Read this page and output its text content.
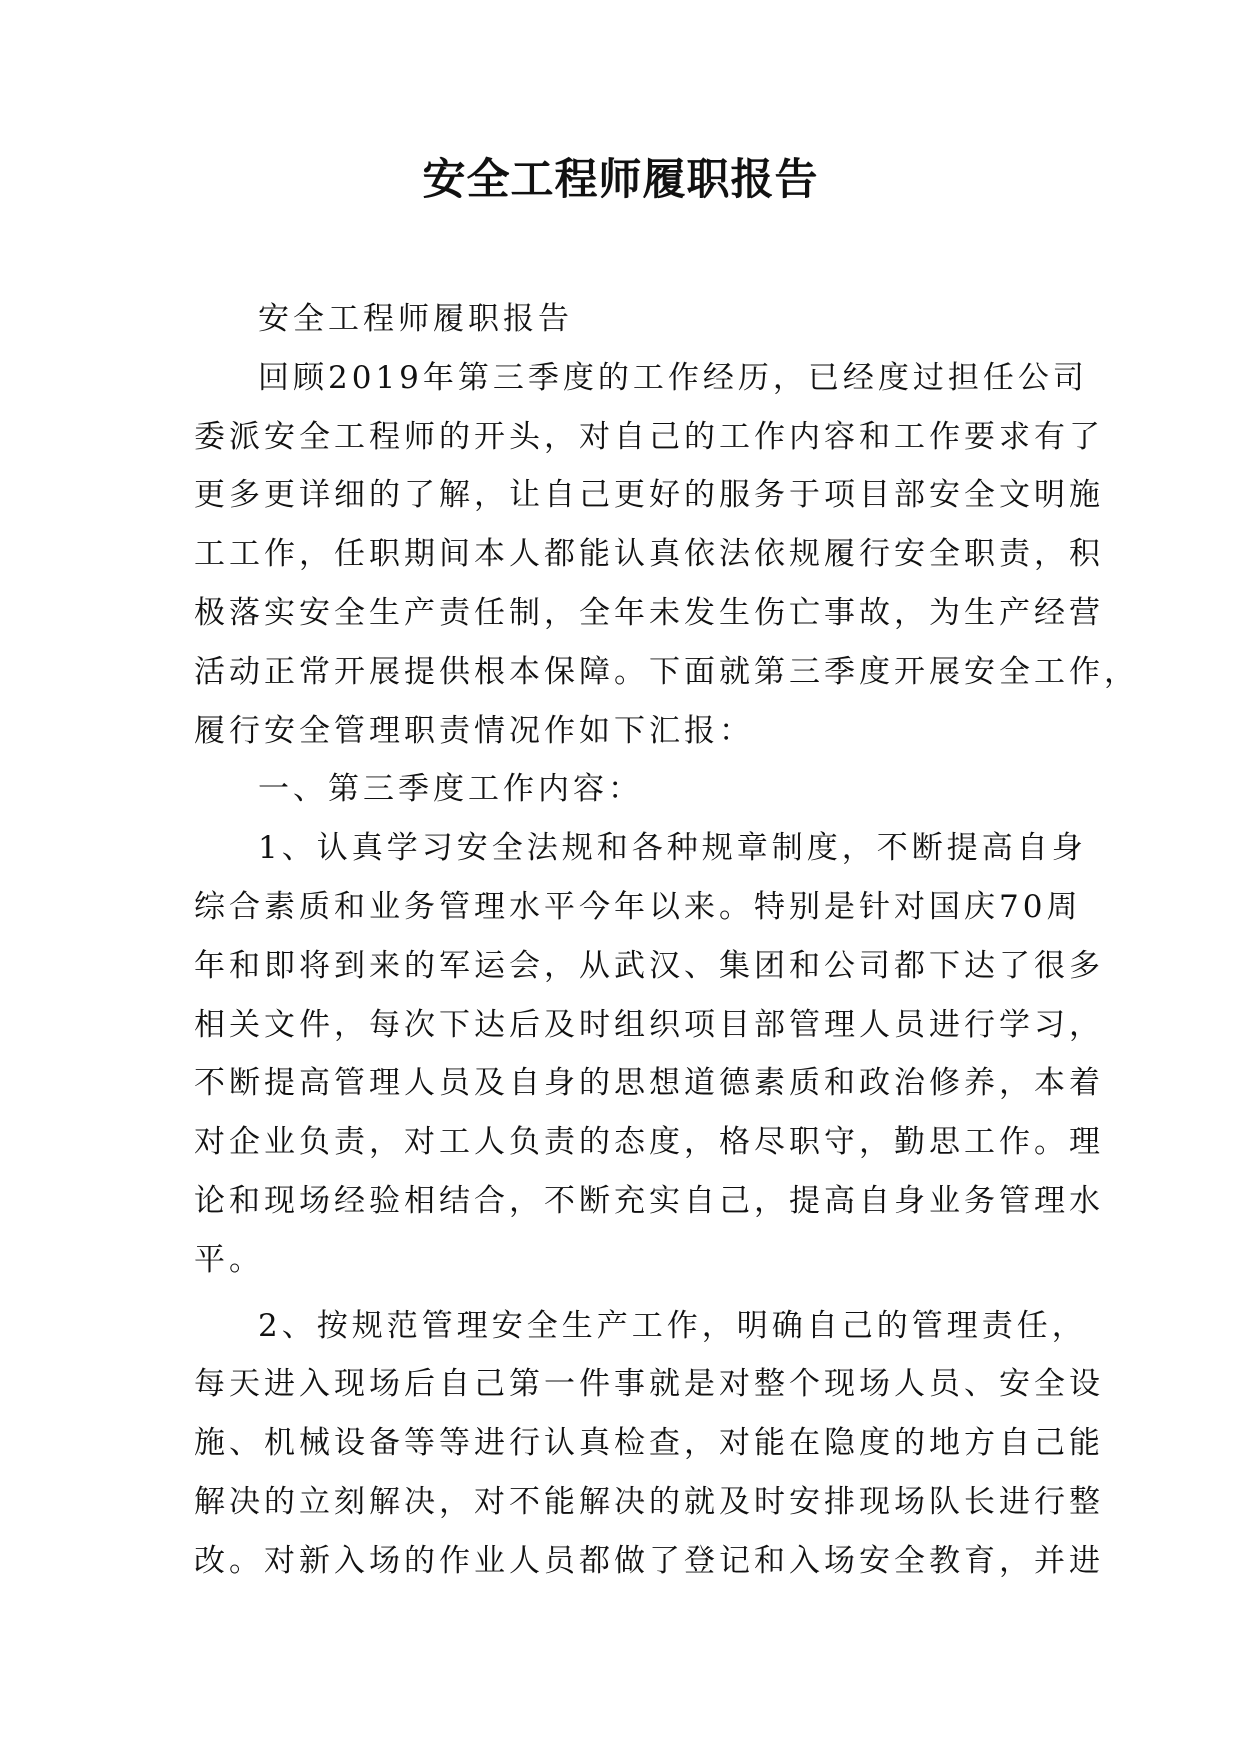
安全工程师履职报告
安全工程师履职报告
回顾2019年第三季度的工作经历，已经度过担任公司
委派安全工程师的开头，对自己的工作内容和工作要求有了
更多更详细的了解，让自己更好的服务于项目部安全文明施
工工作，任职期间本人都能认真依法依规履行安全职责，积
极落实安全生产责任制，全年未发生伤亡事故，为生产经营
活动正常开展提供根本保障。下面就第三季度开展安全工作，
履行安全管理职责情况作如下汇报：
一、第三季度工作内容：
1、认真学习安全法规和各种规章制度，不断提高自身
综合素质和业务管理水平今年以来。特别是针对国庆70周
年和即将到来的军运会，从武汉、集团和公司都下达了很多
相关文件，每次下达后及时组织项目部管理人员进行学习，
不断提高管理人员及自身的思想道德素质和政治修养，本着
对企业负责，对工人负责的态度，格尽职守，勤思工作。理
论和现场经验相结合，不断充实自己，提高自身业务管理水
平。
2、按规范管理安全生产工作，明确自己的管理责任，
每天进入现场后自己第一件事就是对整个现场人员、安全设
施、机械设备等等进行认真检查，对能在隐度的地方自己能
解决的立刻解决，对不能解决的就及时安排现场队长进行整
改。对新入场的作业人员都做了登记和入场安全教育，并进
